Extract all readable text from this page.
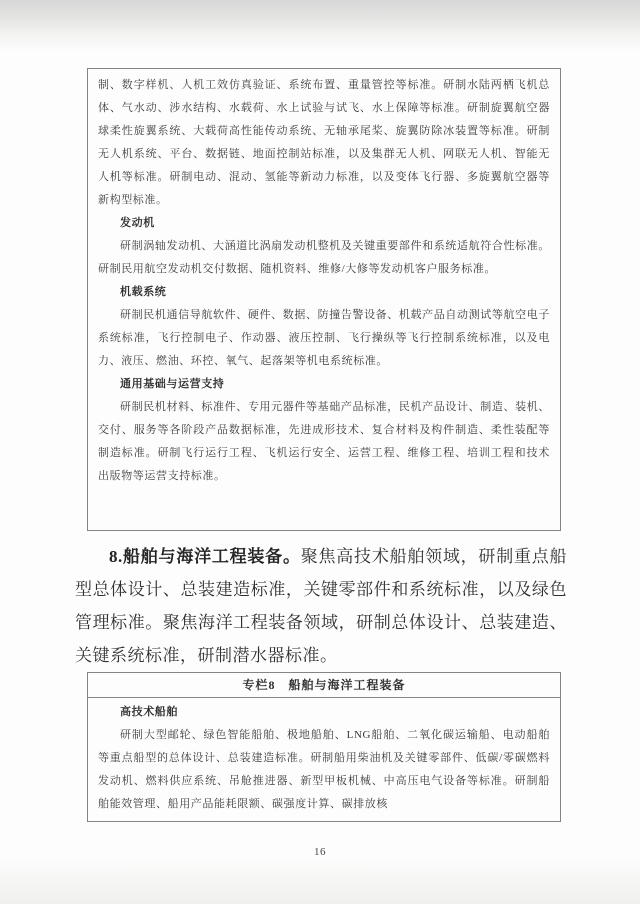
制、数字样机、人机工效仿真验证、系统布置、重量管控等标准。研制水陆两栖飞机总体、气水动、涉水结构、水载荷、水上试验与试飞、水上保障等标准。研制旋翼航空器球柔性旋翼系统、大载荷高性能传动系统、无轴承尾桨、旋翼防除冰装置等标准。研制无人机系统、平台、数据链、地面控制站标准，以及集群无人机、网联无人机、智能无人机等标准。研制电动、混动、氢能等新动力标准，以及变体飞行器、多旋翼航空器等新构型标准。

发动机

研制涡轴发动机、大涵道比涡扇发动机整机及关键重要部件和系统适航符合性标准。研制民用航空发动机交付数据、随机资料、维修/大修等发动机客户服务标准。

机载系统

研制民机通信导航软件、硬件、数据、防撞告警设备、机载产品自动测试等航空电子系统标准，飞行控制电子、作动器、液压控制、飞行操纵等飞行控制系统标准，以及电力、液压、燃油、环控、氧气、起落架等机电系统标准。

通用基础与运营支持

研制民机材料、标准件、专用元器件等基础产品标准，民机产品设计、制造、装机、交付、服务等各阶段产品数据标准，先进成形技术、复合材料及构件制造、柔性装配等制造标准。研制飞行运行工程、飞机运行安全、运营工程、维修工程、培训工程和技术出版物等运营支持标准。

8.船舶与海洋工程装备。聚焦高技术船舶领域，研制重点船型总体设计、总装建造标准，关键零部件和系统标准，以及绿色管理标准。聚焦海洋工程装备领域，研制总体设计、总装建造、关键系统标准，研制潜水器标准。

专栏8　船舶与海洋工程装备

高技术船舶

研制大型邮轮、绿色智能船舶、极地船舶、LNG船舶、二氧化碳运输船、电动船舶等重点船型的总体设计、总装建造标准。研制船用柴油机及关键零部件、低碳/零碳燃料发动机、燃料供应系统、吊舱推进器、新型甲板机械、中高压电气设备等标准。研制船舶能效管理、船用产品能耗限额、碳强度计算、碳排放核

16
